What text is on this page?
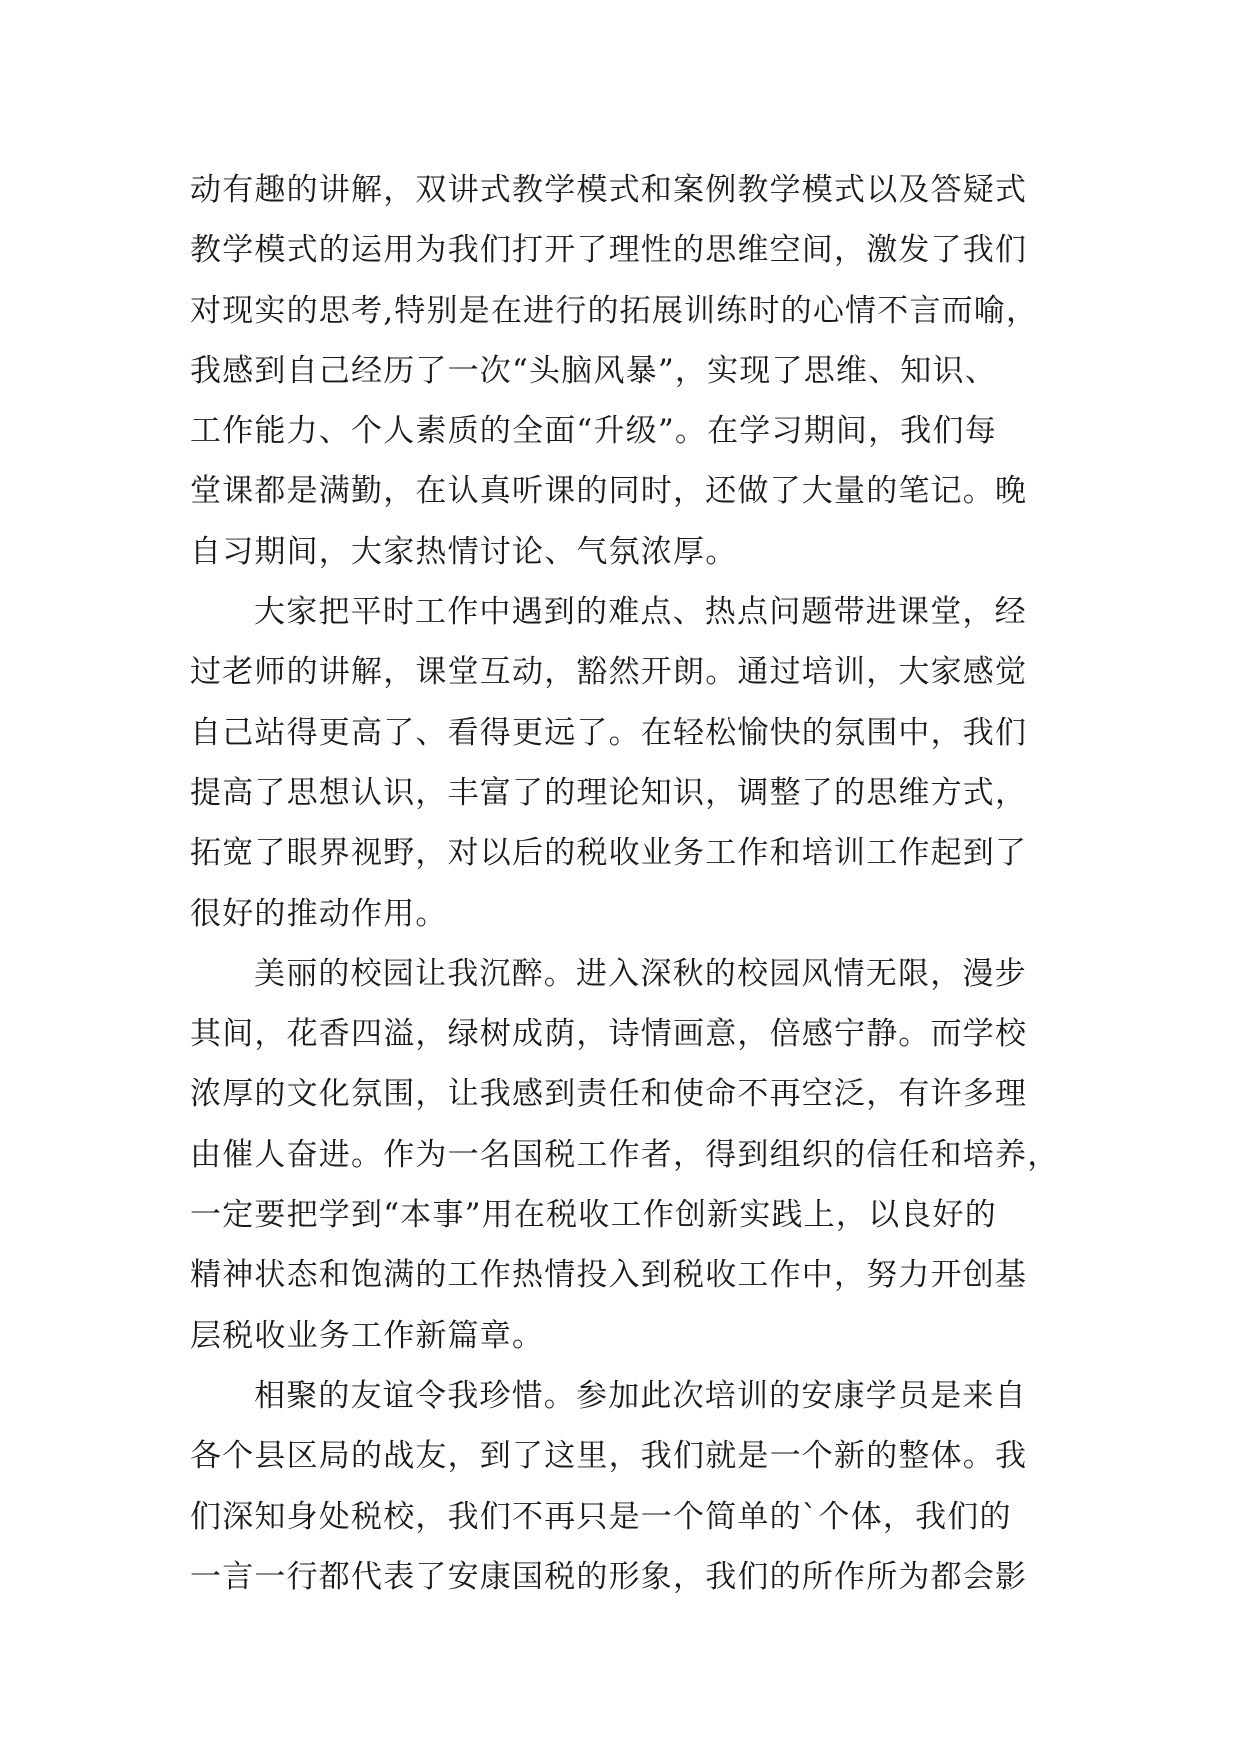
动有趣的讲解，双讲式教学模式和案例教学模式以及答疑式
教学模式的运用为我们打开了理性的思维空间，激发了我们
对现实的思考,特别是在进行的拓展训练时的心情不言而喻，
我感到自己经历了一次“头脑风暴”，实现了思维、知识、
工作能力、个人素质的全面“升级”。在学习期间，我们每
堂课都是满勤，在认真听课的同时，还做了大量的笔记。晚
自习期间，大家热情讨论、气氛浓厚。
大家把平时工作中遇到的难点、热点问题带进课堂，经
过老师的讲解，课堂互动，豁然开朗。通过培训，大家感觉
自己站得更高了、看得更远了。在轻松愉快的氛围中，我们
提高了思想认识，丰富了的理论知识，调整了的思维方式，
拓宽了眼界视野，对以后的税收业务工作和培训工作起到了
很好的推动作用。
美丽的校园让我沉醉。进入深秋的校园风情无限，漫步
其间，花香四溢，绿树成荫，诗情画意，倍感宁静。而学校
浓厚的文化氛围，让我感到责任和使命不再空泛，有许多理
由催人奋进。作为一名国税工作者，得到组织的信任和培养，
一定要把学到“本事”用在税收工作创新实践上，以良好的
精神状态和饱满的工作热情投入到税收工作中，努力开创基
层税收业务工作新篇章。
相聚的友谊令我珍惜。参加此次培训的安康学员是来自
各个县区局的战友，到了这里，我们就是一个新的整体。我
们深知身处税校，我们不再只是一个简单的`个体，我们的
一言一行都代表了安康国税的形象，我们的所作所为都会影
